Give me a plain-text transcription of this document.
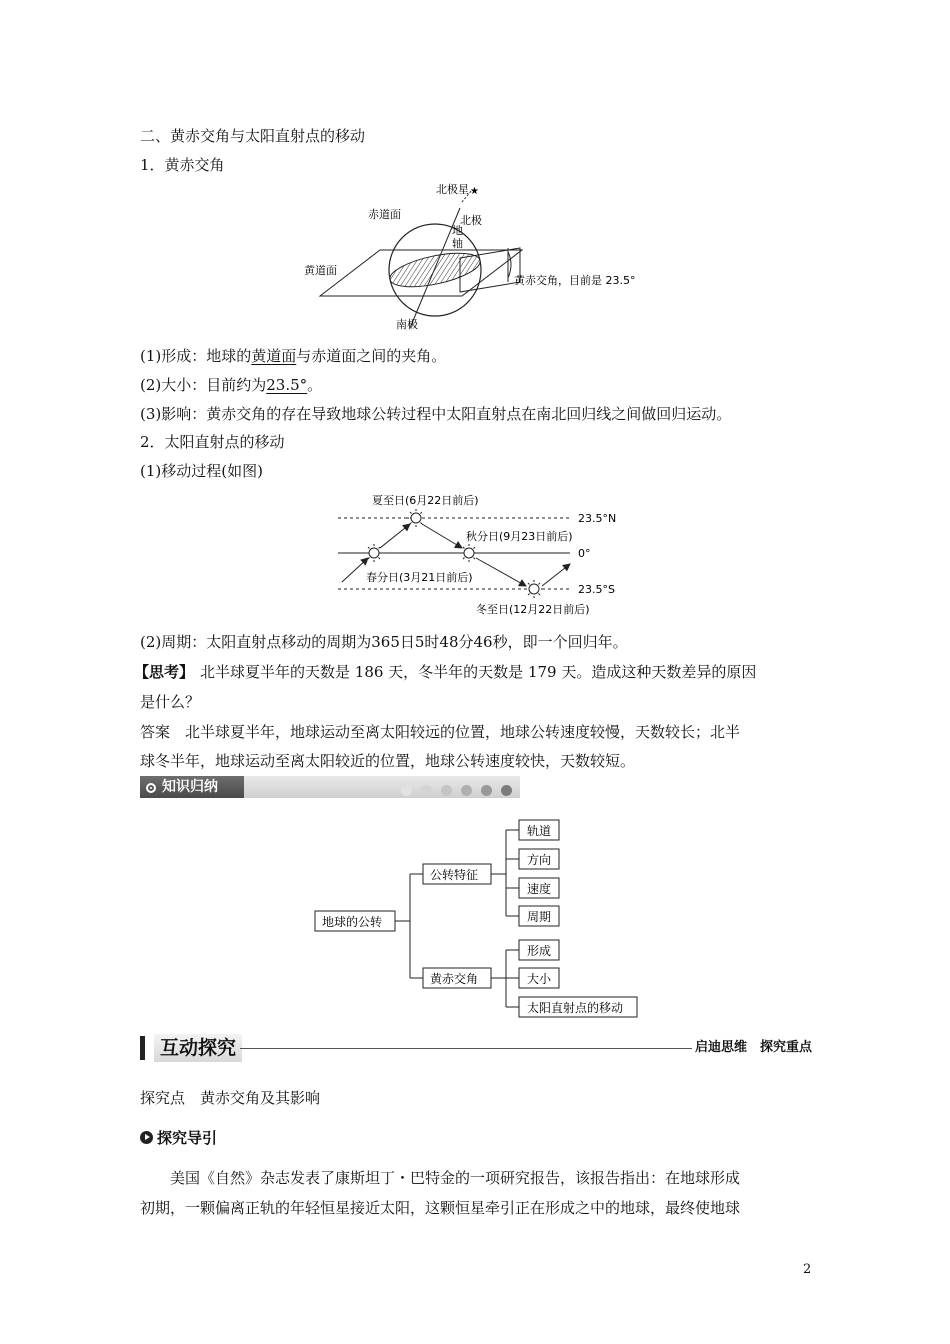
二、黄赤交角与太阳直射点的移动
1．黄赤交角
★
北极星
北极
地
轴
赤道面
黄道面
黄赤交角，目前是 23.5°
南极
(1)形成：地球的黄道面与赤道面之间的夹角。
(2)大小：目前约为23.5°。
(3)影响：黄赤交角的存在导致地球公转过程中太阳直射点在南北回归线之间做回归运动。
2．太阳直射点的移动
(1)移动过程(如图)
夏至日(6月22日前后)
秋分日(9月23日前后)
春分日(3月21日前后)
冬至日(12月22日前后)
23.5°N
0°
23.5°S
(2)周期：太阳直射点移动的周期为365日5时48分46秒，即一个回归年。
【思考】 北半球夏半年的天数是 186 天，冬半年的天数是 179 天。造成这种天数差异的原因
是什么？
答案　北半球夏半年，地球运动至离太阳较远的位置，地球公转速度较慢，天数较长；北半
球冬半年，地球运动至离太阳较近的位置，地球公转速度较快，天数较短。
知识归纳
地球的公转
公转特征
黄赤交角
轨道
方向
速度
周期
形成
大小
太阳直射点的移动
互动探究	启迪思维　探究重点
探究点　黄赤交角及其影响
探究导引
美国《自然》杂志发表了康斯坦丁・巴特金的一项研究报告，该报告指出：在地球形成
初期，一颗偏离正轨的年轻恒星接近太阳，这颗恒星牵引正在形成之中的地球，最终使地球
2
